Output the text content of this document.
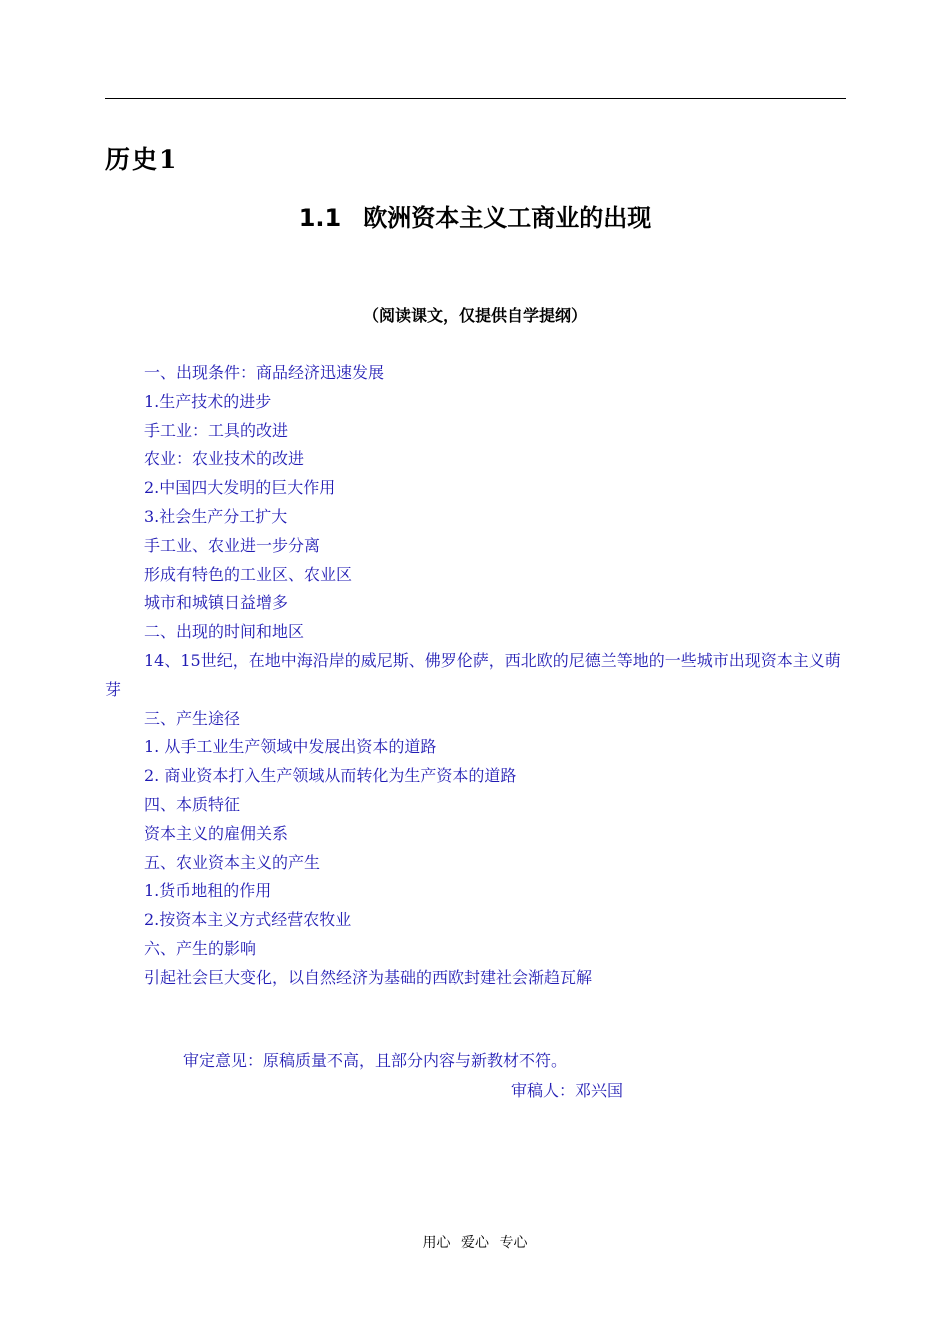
历史1
1.1 欧洲资本主义工商业的出现
（阅读课文，仅提供自学提纲）
一、出现条件：商品经济迅速发展
1.生产技术的进步
手工业：工具的改进
农业：农业技术的改进
2.中国四大发明的巨大作用
3.社会生产分工扩大
手工业、农业进一步分离
形成有特色的工业区、农业区
城市和城镇日益增多
二、出现的时间和地区
14、15世纪，在地中海沿岸的威尼斯、佛罗伦萨，西北欧的尼德兰等地的一些城市出现资本主义萌芽
三、产生途径
1. 从手工业生产领域中发展出资本的道路
2. 商业资本打入生产领域从而转化为生产资本的道路
四、本质特征
资本主义的雇佣关系
五、农业资本主义的产生
1.货币地租的作用
2.按资本主义方式经营农牧业
六、产生的影响
引起社会巨大变化，以自然经济为基础的西欧封建社会渐趋瓦解
审定意见：原稿质量不高，且部分内容与新教材不符。
审稿人：邓兴国
用心 爱心 专心
